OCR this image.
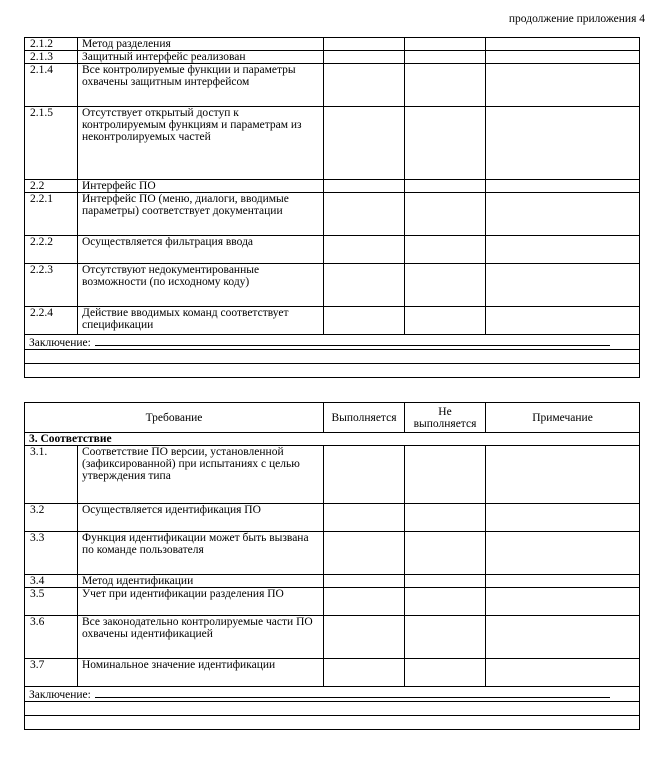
продолжение приложения 4
2.1.2	Метод разделения			
2.1.3	Защитный интерфейс реализован			
2.1.4	Все контролируемые функции и параметры охвачены защитным интерфейсом			
2.1.5	Отсутствует открытый доступ к контролируемым функциям и параметрам из неконтролируемых частей			
2.2	Интерфейс ПО			
2.2.1	Интерфейс ПО (меню, диалоги, вводимые параметры) соответствует документации			
2.2.2	Осуществляется фильтрация ввода			
2.2.3	Отсутствуют недокументированные возможности (по исходному коду)			
2.2.4	Действие вводимых команд соответствует спецификации			
Заключение:				

Требование		Выполняется	Не выполняется	Примечание
3. Соответствие				
3.1.	Соответствие ПО версии, установленной (зафиксированной) при испытаниях с целью утверждения типа			
3.2	Осуществляется идентификация ПО			
3.3	Функция идентификации может быть вызвана по команде пользователя			
3.4	Метод идентификации			
3.5	Учет при идентификации разделения ПО			
3.6	Все законодательно контролируемые части ПО охвачены идентификацией			
3.7	Номинальное значение идентификации			
Заключение:				
